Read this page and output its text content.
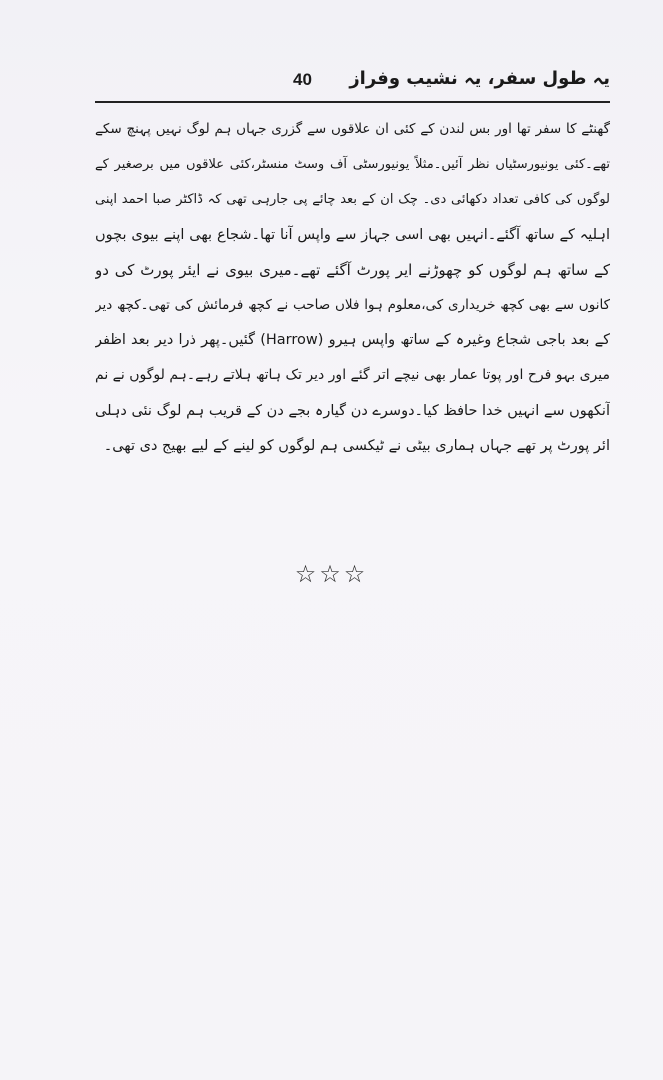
یہ طول سفر، یہ نشیب وفراز
40
گھنٹے کا سفر تھا اور بس لندن کے کئی ان علاقوں سے گزری جہاں ہم لوگ نہیں پہنچ سکے
تھے۔کئی یونیورسٹیاں نظر آئیں۔مثلاً یونیورسٹی آف وسٹ منسٹر،کئی علاقوں میں برصغیر کے
لوگوں کی کافی تعداد دکھائی دی۔ چک ان کے بعد چائے پی جارہی تھی کہ ڈاکٹر صبا احمد اپنی
اہلیہ کے ساتھ آگئے۔انہیں بھی اسی جہاز سے واپس آنا تھا۔شجاع بھی اپنے بیوی بچوں
کے ساتھ ہم لوگوں کو چھوڑنے ایر پورٹ آگئے تھے۔میری بیوی نے ایئر پورٹ کی دو
کانوں سے بھی کچھ خریداری کی،معلوم ہوا فلاں صاحب نے کچھ فرمائش کی تھی۔کچھ دیر
کے بعد باجی شجاع وغیرہ کے ساتھ واپس ہیرو (Harrow) گئیں۔پھر ذرا دیر بعد اظفر
میری بہو فرح اور پوتا عمار بھی نیچے اتر گئے اور دیر تک ہاتھ ہلاتے رہے۔ہم لوگوں نے نم
آنکھوں سے انہیں خدا حافظ کیا۔دوسرے دن گیارہ بجے دن کے قریب ہم لوگ نئی دہلی
ائر پورٹ پر تھے جہاں ہماری بیٹی نے ٹیکسی ہم لوگوں کو لینے کے لیے بھیج دی تھی۔
☆☆☆
